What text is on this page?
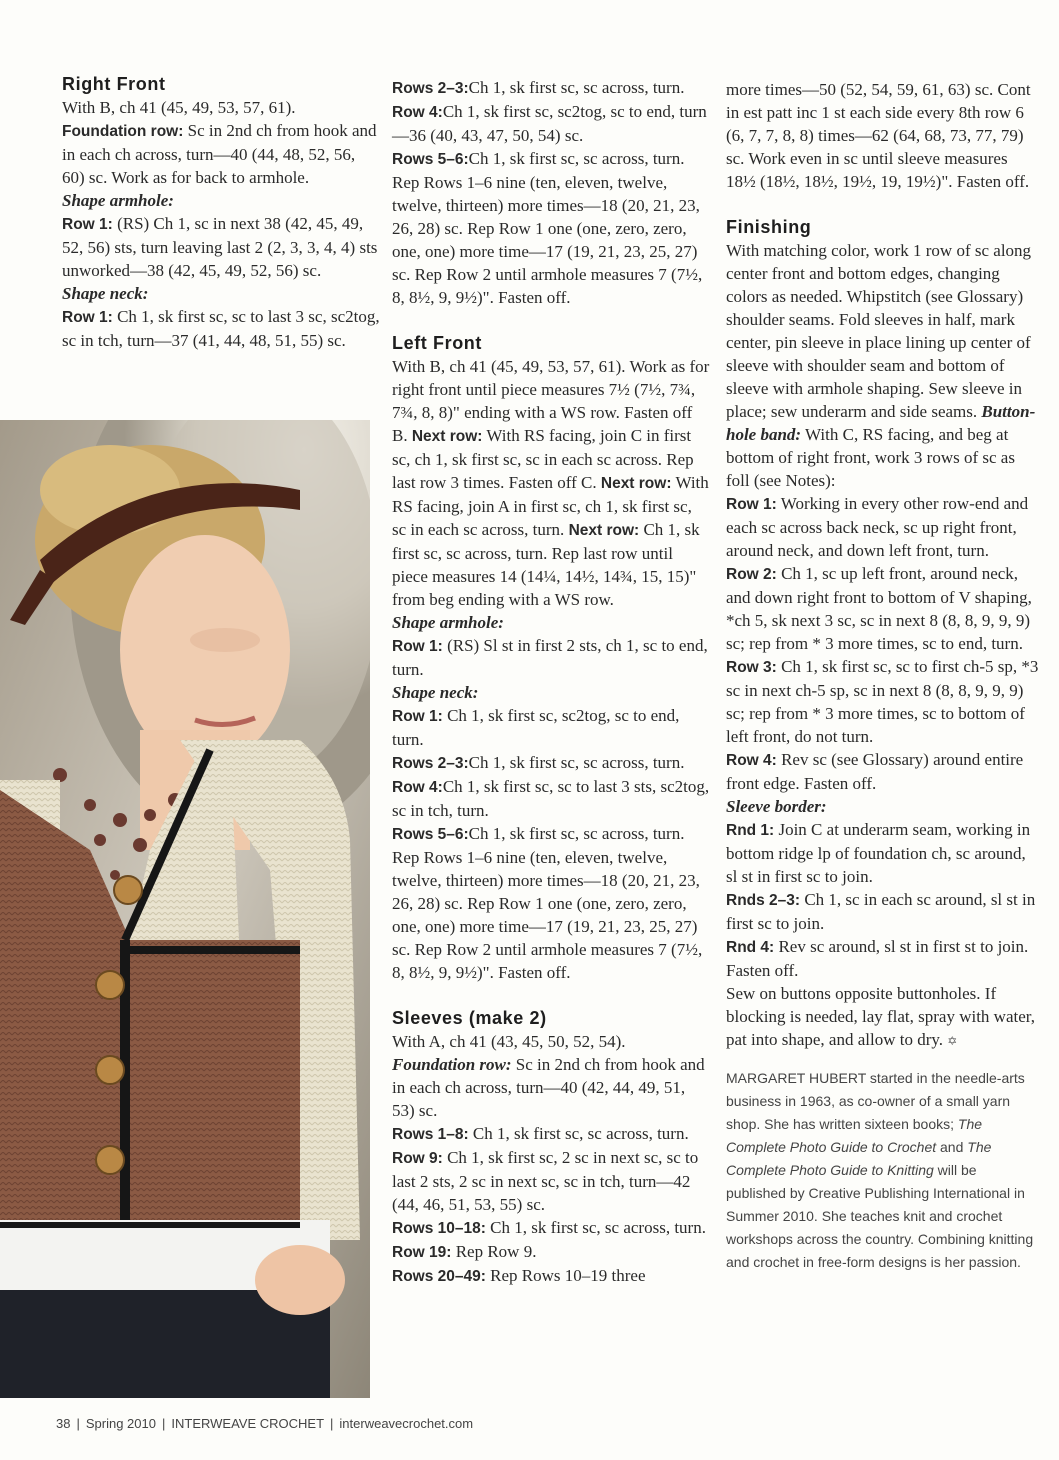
Right Front

With B, ch 41 (45, 49, 53, 57, 61). Foundation row: Sc in 2nd ch from hook and in each ch across, turn—40 (44, 48, 52, 56, 60) sc. Work as for back to armhole.

Shape armhole:

Row 1: (RS) Ch 1, sc in next 38 (42, 45, 49, 52, 56) sts, turn leaving last 2 (2, 3, 3, 4, 4) sts unworked—38 (42, 45, 49, 52, 56) sc.

Shape neck:

Row 1: Ch 1, sk first sc, sc to last 3 sc, sc2tog, sc in tch, turn—37 (41, 44, 48, 51, 55) sc.

Rows 2–3:Ch 1, sk first sc, sc across, turn. Row 4:Ch 1, sk first sc, sc2tog, sc to end, turn—36 (40, 43, 47, 50, 54) sc.

Rows 5–6:Ch 1, sk first sc, sc across, turn. Rep Rows 1–6 nine (ten, eleven, twelve, twelve, thirteen) more times—18 (20, 21, 23, 26, 28) sc. Rep Row 1 one (one, zero, zero, one, one) more time—17 (19, 21, 23, 25, 27) sc. Rep Row 2 until armhole measures 7 (7½, 8, 8½, 9, 9½)". Fasten off.

Left Front

With B, ch 41 (45, 49, 53, 57, 61). Work as for right front until piece measures 7½ (7½, 7¾, 7¾, 8, 8)" ending with a WS row. Fasten off B. Next row: With RS facing, join C in first sc, ch 1, sk first sc, sc in each sc across. Rep last row 3 times. Fasten off C. Next row: With RS facing, join A in first sc, ch 1, sk first sc, sc in each sc across, turn. Next row: Ch 1, sk first sc, sc across, turn. Rep last row until piece measures 14 (14¼, 14½, 14¾, 15, 15)" from beg ending with a WS row.

Shape armhole:

Row 1: (RS) Sl st in first 2 sts, ch 1, sc to end, turn.

Shape neck:

Row 1: Ch 1, sk first sc, sc2tog, sc to end, turn.

Rows 2–3:Ch 1, sk first sc, sc across, turn. Row 4:Ch 1, sk first sc, sc to last 3 sts, sc2tog, sc in tch, turn.

Rows 5–6:Ch 1, sk first sc, sc across, turn. Rep Rows 1–6 nine (ten, eleven, twelve, twelve, thirteen) more times—18 (20, 21, 23, 26, 28) sc. Rep Row 1 one (one, zero, zero, one, one) more time—17 (19, 21, 23, 25, 27) sc. Rep Row 2 until armhole measures 7 (7½, 8, 8½, 9, 9½)". Fasten off.

Sleeves (make 2)

With A, ch 41 (43, 45, 50, 52, 54). Foundation row: Sc in 2nd ch from hook and in each ch across, turn—40 (42, 44, 49, 51, 53) sc.

Rows 1–8: Ch 1, sk first sc, sc across, turn.

Row 9: Ch 1, sk first sc, 2 sc in next sc, sc to last 2 sts, 2 sc in next sc, sc in tch, turn—42 (44, 46, 51, 53, 55) sc.

Rows 10–18: Ch 1, sk first sc, sc across, turn.

Row 19: Rep Row 9.

Rows 20–49: Rep Rows 10–19 three

more times—50 (52, 54, 59, 61, 63) sc. Cont in est patt inc 1 st each side every 8th row 6 (6, 7, 7, 8, 8) times—62 (64, 68, 73, 77, 79) sc. Work even in sc until sleeve measures 18½ (18½, 18½, 19½, 19, 19½)". Fasten off.

Finishing

With matching color, work 1 row of sc along center front and bottom edges, changing colors as needed. Whipstitch (see Glossary) shoulder seams. Fold sleeves in half, mark center, pin sleeve in place lining up center of sleeve with shoulder seam and bottom of sleeve with armhole shaping. Sew sleeve in place; sew underarm and side seams. Buttonhole band: With C, RS facing, and beg at bottom of right front, work 3 rows of sc as foll (see Notes):

Row 1: Working in every other row-end and each sc across back neck, sc up right front, around neck, and down left front, turn.

Row 2: Ch 1, sc up left front, around neck, and down right front to bottom of V shaping, *ch 5, sk next 3 sc, sc in next 8 (8, 8, 9, 9, 9) sc; rep from * 3 more times, sc to end, turn.

Row 3: Ch 1, sk first sc, sc to first ch-5 sp, *3 sc in next ch-5 sp, sc in next 8 (8, 8, 9, 9, 9) sc; rep from * 3 more times, sc to bottom of left front, do not turn.

Row 4: Rev sc (see Glossary) around entire front edge. Fasten off.

Sleeve border:

Rnd 1: Join C at underarm seam, working in bottom ridge lp of foundation ch, sc around, sl st in first sc to join.

Rnds 2–3: Ch 1, sc in each sc around, sl st in first sc to join.

Rnd 4: Rev sc around, sl st in first st to join. Fasten off.

Sew on buttons opposite buttonholes. If blocking is needed, lay flat, spray with water, pat into shape, and allow to dry. ✡

MARGARET HUBERT started in the needle-arts business in 1963, as co-owner of a small yarn shop. She has written sixteen books; The Complete Photo Guide to Crochet and The Complete Photo Guide to Knitting will be published by Creative Publishing International in Summer 2010. She teaches knit and crochet workshops across the country. Combining knitting and crochet in free-form designs is her passion.

38 | Spring 2010 | INTERWEAVE CROCHET | interweavecrochet.com
